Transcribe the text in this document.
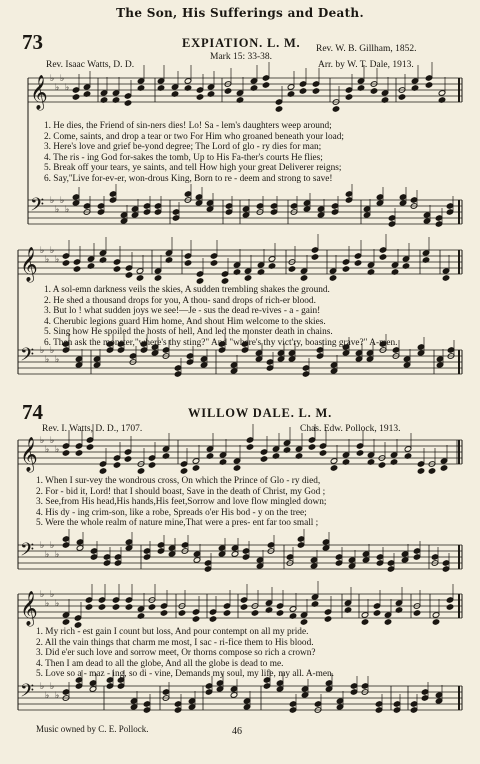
The Son, His Sufferings and Death.
73	EXPIATION. L. M.
Mark 15: 33-38.
Rev. W. B. Gillham, 1852.
Rev. Isaac Watts, D. D.	Arr. by W. T. Dale, 1913.
𝄞 ♭
♭
♭
♭
𝄢 ♭
♭
♭
♭
𝄞 ♭
♭
♭
♭
𝄢 ♭
♭
♭
♭
𝄞 ♭
♭
♭
♭
𝄢 ♭
♭
♭
♭
𝄞 ♭
♭
♭
♭
𝄢 ♭
♭
♭
♭
1. He dies, the Friend of sin-ners dies! Lo! Sa - lem's daughters weep around;
2. Come, saints, and drop a tear or two For Him who groaned beneath your load;
3. Here's love and grief be-yond degree; The Lord of glo - ry dies for man;
4. The ris - ing God for-sakes the tomb, Up to His Fa-ther's courts He flies;
5. Break off your tears, ye saints, and tell How high your great Deliverer reigns;
6. Say,''Live for-ev-er, won-drous King, Born to re - deem and strong to save!
1. A sol-emn darkness veils the skies, A sudden trembling shakes the ground.
2. He shed a thousand drops for you, A thou- sand drops of rich-er blood.
3. But lo ! what sudden joys we see!—Je - sus the dead re-vives - a - gain!
4. Cherubic legions guard Him home, And shout Him welcome to the skies.
5. Sing how He spoiled the hosts of hell, And led the monster death in chains.
6. Then ask the monster,"where's thy sting?" And "where's thy vict'ry, boasting grave?" A-men.
74	WILLOW DALE. L. M.
Rev. I. Watts, D. D., 1707.	Chas. Edw. Pollock, 1913.
1. When I sur-vey the wondrous cross, On which the Prince of Glo - ry died,
2. For - bid it, Lord! that I should boast, Save in the death of Christ, my God ;
3. See,from His head,His hands,His feet,Sorrow and love flow mingled down;
4. His dy - ing crim-son, like a robe, Spreads o'er His bod - y on the tree;
5. Were the whole realm of nature mine,That were a pres- ent far too small ;
1. My rich - est gain I count but loss, And pour contempt on all my pride.
2. All the vain things that charm me most, I sac - ri-fice them to His blood.
3. Did e'er such love and sorrow meet, Or thorns compose so rich a crown?
4. Then I am dead to all the globe, And all the globe is dead to me.
5. Love so a - maz - ing, so di - vine, Demands my soul, my life, my all. A-men.
Music owned by C. E. Pollock.	46
